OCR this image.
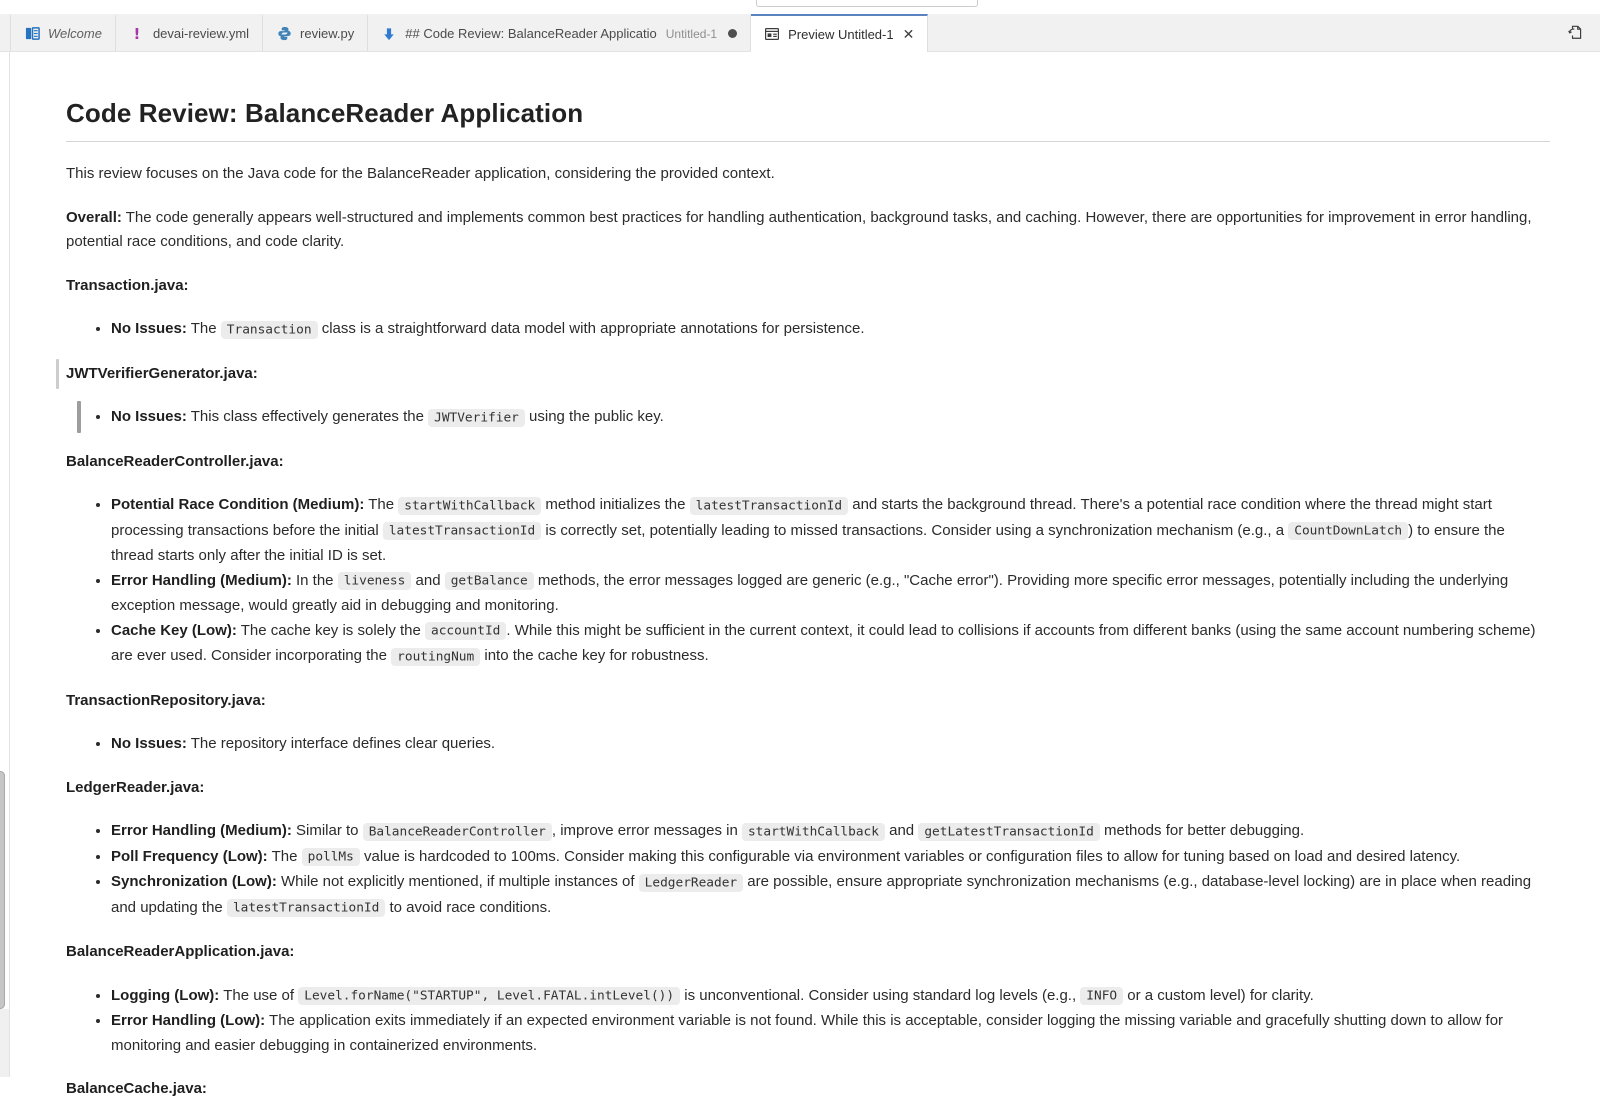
Welcome ! devai-review.yml	review.py	## Code Review: BalanceReader Applicatio Untitled-1	Preview Untitled-1 ✕
Code Review: BalanceReader Application

This review focuses on the Java code for the BalanceReader application, considering the provided context.

Overall: The code generally appears well-structured and implements common best practices for handling authentication, background tasks, and caching. However, there are opportunities for improvement in error handling, potential race conditions, and code clarity.

Transaction.java:

• No Issues: The Transaction class is a straightforward data model with appropriate annotations for persistence.

JWTVerifierGenerator.java:

• No Issues: This class effectively generates the JWTVerifier using the public key.

BalanceReaderController.java:

• Potential Race Condition (Medium): The startWithCallback method initializes the latestTransactionId and starts the background thread. There's a potential race condition where the thread might start processing transactions before the initial latestTransactionId is correctly set, potentially leading to missed transactions. Consider using a synchronization mechanism (e.g., a CountDownLatch ) to ensure the thread starts only after the initial ID is set.
• Error Handling (Medium): In the liveness and getBalance methods, the error messages logged are generic (e.g., "Cache error"). Providing more specific error messages, potentially including the underlying exception message, would greatly aid in debugging and monitoring.
• Cache Key (Low): The cache key is solely the accountId . While this might be sufficient in the current context, it could lead to collisions if accounts from different banks (using the same account numbering scheme) are ever used. Consider incorporating the routingNum into the cache key for robustness.

TransactionRepository.java:

• No Issues: The repository interface defines clear queries.

LedgerReader.java:

• Error Handling (Medium): Similar to BalanceReaderController , improve error messages in startWithCallback and getLatestTransactionId methods for better debugging.
• Poll Frequency (Low): The pollMs value is hardcoded to 100ms. Consider making this configurable via environment variables or configuration files to allow for tuning based on load and desired latency.
• Synchronization (Low): While not explicitly mentioned, if multiple instances of LedgerReader are possible, ensure appropriate synchronization mechanisms (e.g., database-level locking) are in place when reading and updating the latestTransactionId to avoid race conditions.

BalanceReaderApplication.java:

• Logging (Low): The use of Level.forName("STARTUP", Level.FATAL.intLevel()) is unconventional. Consider using standard log levels (e.g., INFO or a custom level) for clarity.
• Error Handling (Low): The application exits immediately if an expected environment variable is not found. While this is acceptable, consider logging the missing variable and gracefully shutting down to allow for monitoring and easier debugging in containerized environments.

BalanceCache.java:
